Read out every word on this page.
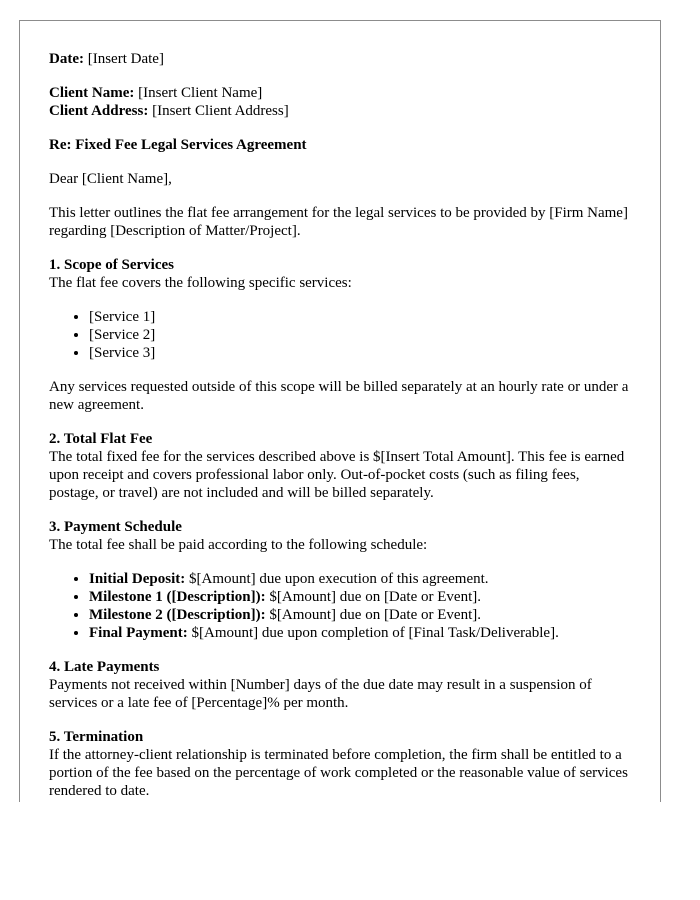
Date: [Insert Date]

Client Name: [Insert Client Name]
Client Address: [Insert Client Address]

Re: Fixed Fee Legal Services Agreement

Dear [Client Name],

This letter outlines the flat fee arrangement for the legal services to be provided by [Firm Name] regarding [Description of Matter/Project].

1. Scope of Services
The flat fee covers the following specific services:
• [Service 1]
• [Service 2]
• [Service 3]

Any services requested outside of this scope will be billed separately at an hourly rate or under a new agreement.

2. Total Flat Fee
The total fixed fee for the services described above is $[Insert Total Amount]. This fee is earned upon receipt and covers professional labor only. Out-of-pocket costs (such as filing fees, postage, or travel) are not included and will be billed separately.
3. Payment Schedule
The total fee shall be paid according to the following schedule:
• Initial Deposit: $[Amount] due upon execution of this agreement.
• Milestone 1 ([Description]): $[Amount] due on [Date or Event].
• Milestone 2 ([Description]): $[Amount] due on [Date or Event].
• Final Payment: $[Amount] due upon completion of [Final Task/Deliverable].
4. Late Payments
Payments not received within [Number] days of the due date may result in a suspension of services or a late fee of [Percentage]% per month.
5. Termination
If the attorney-client relationship is terminated before completion, the firm shall be entitled to a portion of the fee based on the percentage of work completed or the reasonable value of services rendered to date.
